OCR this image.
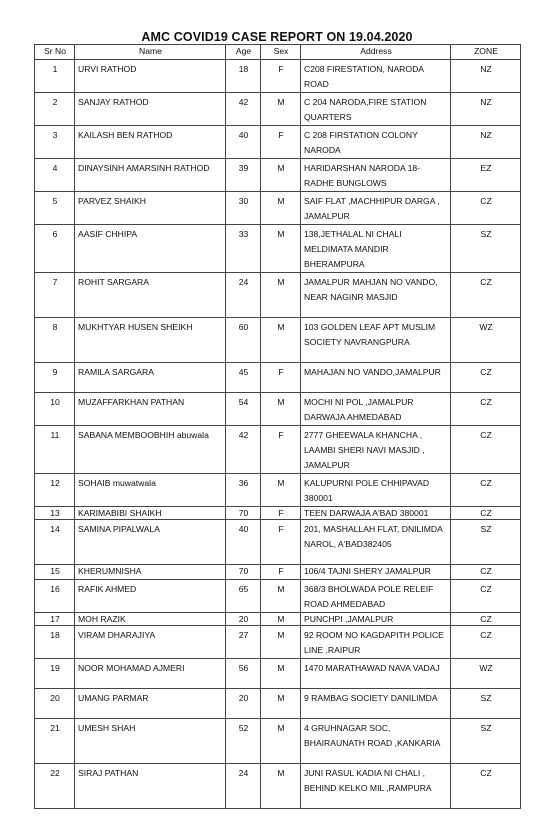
AMC COVID19 CASE REPORT ON 19.04.2020
Sr No	Name	Age	Sex	Address	ZONE
1	URVI RATHOD	18	F	C208 FIRESTATION, NARODA ROAD	NZ
2	SANJAY RATHOD	42	M	C 204 NARODA,FIRE STATION QUARTERS	NZ
3	KAILASH BEN RATHOD	40	F	C 208 FIRSTATION COLONY NARODA	NZ
4	DINAYSINH AMARSINH RATHOD	39	M	HARIDARSHAN NARODA 18-RADHE BUNGLOWS	EZ
5	PARVEZ SHAIKH	30	M	SAIF FLAT ,MACHHIPUR DARGA , JAMALPUR	CZ
6	AASIF CHHIPA	33	M	138,JETHALAL NI CHALI MELDIMATA MANDIR BHERAMPURA	SZ
7	ROHIT SARGARA	24	M	JAMALPUR MAHJAN NO VANDO, NEAR NAGINR MASJID	CZ
8	MUKHTYAR HUSEN SHEIKH	60	M	103 GOLDEN LEAF APT MUSLIM SOCIETY NAVRANGPURA	WZ
9	RAMILA SARGARA	45	F	MAHAJAN NO VANDO,JAMALPUR	CZ
10	MUZAFFARKHAN PATHAN	54	M	MOCHI NI POL ,JAMALPUR DARWAJA AHMEDABAD	CZ
11	SABANA MEMBOOBHIH abuwala	42	F	2777 GHEEWALA KHANCHA , LAAMBI SHERI NAVI MASJID , JAMALPUR	CZ
12	SOHAIB muwatwala	36	M	KALUPURNI POLE CHHIPAVAD 380001	CZ
13	KARIMABIBI SHAIKH	70	F	TEEN DARWAJA A'BAD 380001	CZ
14	SAMINA PIPALWALA	40	F	201, MASHALLAH FLAT, DNILIMDA NAROL, A'BAD382405	SZ
15	KHERUMNISHA	70	F	106/4 TAJNI SHERY JAMALPUR	CZ
16	RAFIK AHMED	65	M	368/3 BHOLWADA POLE RELEIF ROAD AHMEDABAD	CZ
17	MOH RAZIK	20	M	PUNCHPI ,JAMALPUR	CZ
18	VIRAM DHARAJIYA	27	M	92 ROOM NO KAGDAPITH POLICE LINE ,RAIPUR	CZ
19	NOOR MOHAMAD AJMERI	56	M	1470 MARATHAWAD NAVA VADAJ	WZ
20	UMANG PARMAR	20	M	9 RAMBAG SOCIETY DANILIMDA	SZ
21	UMESH SHAH	52	M	4 GRUHNAGAR SOC, BHAIRAUNATH ROAD ,KANKARIA	SZ
22	SIRAJ PATHAN	24	M	JUNI RASUL KADIA NI CHALI , BEHIND KELKO MIL ,RAMPURA	CZ
